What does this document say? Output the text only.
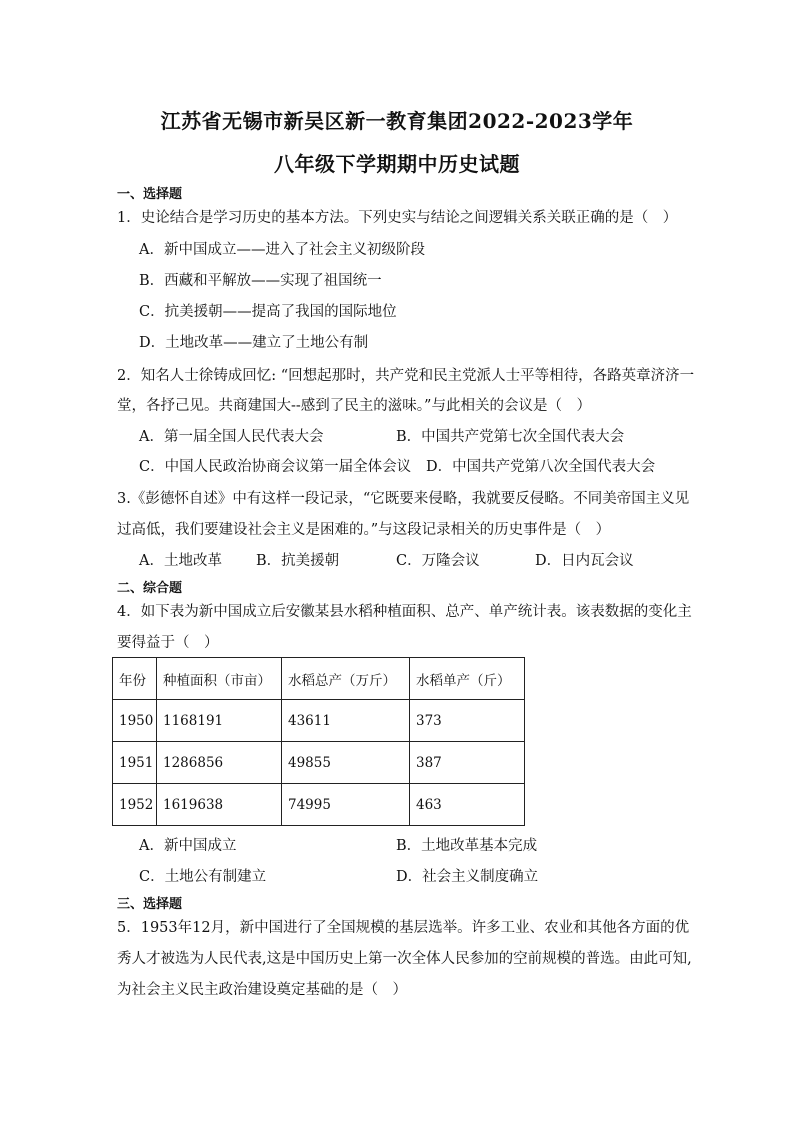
江苏省无锡市新吴区新一教育集团2022-2023学年
八年级下学期期中历史试题
一、选择题
1．史论结合是学习历史的基本方法。下列史实与结论之间逻辑关系关联正确的是（　）
A．新中国成立——进入了社会主义初级阶段
B．西藏和平解放——实现了祖国统一
C．抗美援朝——提高了我国的国际地位
D．土地改革——建立了土地公有制
2．知名人士徐铸成回忆: “回想起那时，共产党和民主党派人士平等相待，各路英章济济一
堂，各抒己见。共商建国大--感到了民主的滋味。”与此相关的会议是（　）
A．第一届全国人民代表大会	B．中国共产党第七次全国代表大会
C．中国人民政治协商会议第一届全体会议 D．中国共产党第八次全国代表大会
3.《彭德怀自述》中有这样一段记录，“它既要来侵略，我就要反侵略。不同美帝国主义见
过高低，我们要建设社会主义是困难的。”与这段记录相关的历史事件是（　）
A．土地改革 B．抗美援朝	C．万隆会议	D．日内瓦会议
二、综合题
4．如下表为新中国成立后安徽某县水稻种植面积、总产、单产统计表。该表数据的变化主
要得益于（　）
年份	种植面积（市亩）	水稻总产（万斤）	水稻单产（斤）
1950	1168191	43611	373
1951	1286856	49855	387
1952	1619638	74995	463
A．新中国成立	B．土地改革基本完成
C．土地公有制建立	D．社会主义制度确立
三、选择题
5．1953年12月，新中国进行了全国规模的基层选举。许多工业、农业和其他各方面的优
秀人才被选为人民代表,这是中国历史上第一次全体人民参加的空前规模的普选。由此可知,
为社会主义民主政治建设奠定基础的是（　）
